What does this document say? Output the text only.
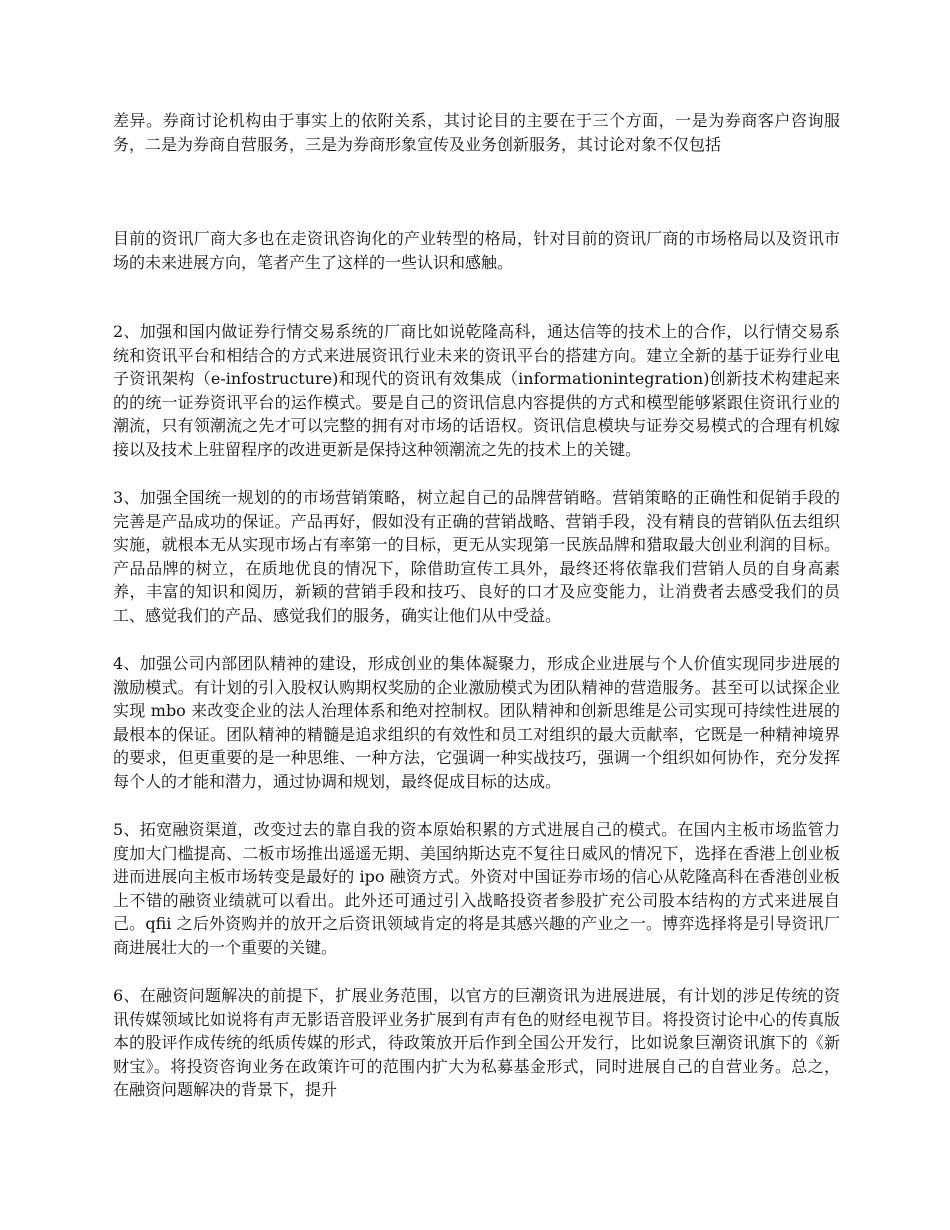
差异。券商讨论机构由于事实上的依附关系，其讨论目的主要在于三个方面，一是为券商客户咨询服务，二是为券商自营服务，三是为券商形象宣传及业务创新服务，其讨论对象不仅包括

目前的资讯厂商大多也在走资讯咨询化的产业转型的格局，针对目前的资讯厂商的市场格局以及资讯市场的未来进展方向，笔者产生了这样的一些认识和感触。

2、加强和国内做证券行情交易系统的厂商比如说乾隆高科，通达信等的技术上的合作，以行情交易系统和资讯平台和相结合的方式来进展资讯行业未来的资讯平台的搭建方向。建立全新的基于证券行业电子资讯架构（e-infostructure)和现代的资讯有效集成（informationintegration)创新技术构建起来的的统一证券资讯平台的运作模式。要是自己的资讯信息内容提供的方式和模型能够紧跟住资讯行业的潮流，只有领潮流之先才可以完整的拥有对市场的话语权。资讯信息模块与证券交易模式的合理有机嫁接以及技术上驻留程序的改进更新是保持这种领潮流之先的技术上的关键。

3、加强全国统一规划的的市场营销策略，树立起自己的品牌营销略。营销策略的正确性和促销手段的完善是产品成功的保证。产品再好，假如没有正确的营销战略、营销手段，没有精良的营销队伍去组织实施，就根本无从实现市场占有率第一的目标，更无从实现第一民族品牌和猎取最大创业利润的目标。产品品牌的树立，在质地优良的情况下，除借助宣传工具外，最终还将依靠我们营销人员的自身高素养，丰富的知识和阅历，新颖的营销手段和技巧、良好的口才及应变能力，让消费者去感受我们的员工、感觉我们的产品、感觉我们的服务，确实让他们从中受益。

4、加强公司内部团队精神的建设，形成创业的集体凝聚力，形成企业进展与个人价值实现同步进展的激励模式。有计划的引入股权认购期权奖励的企业激励模式为团队精神的营造服务。甚至可以试探企业实现 mbo 来改变企业的法人治理体系和绝对控制权。团队精神和创新思维是公司实现可持续性进展的最根本的保证。团队精神的精髓是追求组织的有效性和员工对组织的最大贡献率，它既是一种精神境界的要求，但更重要的是一种思维、一种方法，它强调一种实战技巧，强调一个组织如何协作，充分发挥每个人的才能和潜力，通过协调和规划，最终促成目标的达成。

5、拓宽融资渠道，改变过去的靠自我的资本原始积累的方式进展自己的模式。在国内主板市场监管力度加大门槛提高、二板市场推出遥遥无期、美国纳斯达克不复往日威风的情况下，选择在香港上创业板进而进展向主板市场转变是最好的 ipo 融资方式。外资对中国证券市场的信心从乾隆高科在香港创业板上不错的融资业绩就可以看出。此外还可通过引入战略投资者参股扩充公司股本结构的方式来进展自己。qfii 之后外资购并的放开之后资讯领域肯定的将是其感兴趣的产业之一。博弈选择将是引导资讯厂商进展壮大的一个重要的关键。

6、在融资问题解决的前提下，扩展业务范围，以官方的巨潮资讯为进展进展，有计划的涉足传统的资讯传媒领域比如说将有声无影语音股评业务扩展到有声有色的财经电视节目。将投资讨论中心的传真版本的股评作成传统的纸质传媒的形式，待政策放开后作到全国公开发行，比如说象巨潮资讯旗下的《新财宝》。将投资咨询业务在政策许可的范围内扩大为私募基金形式，同时进展自己的自营业务。总之，在融资问题解决的背景下，提升
